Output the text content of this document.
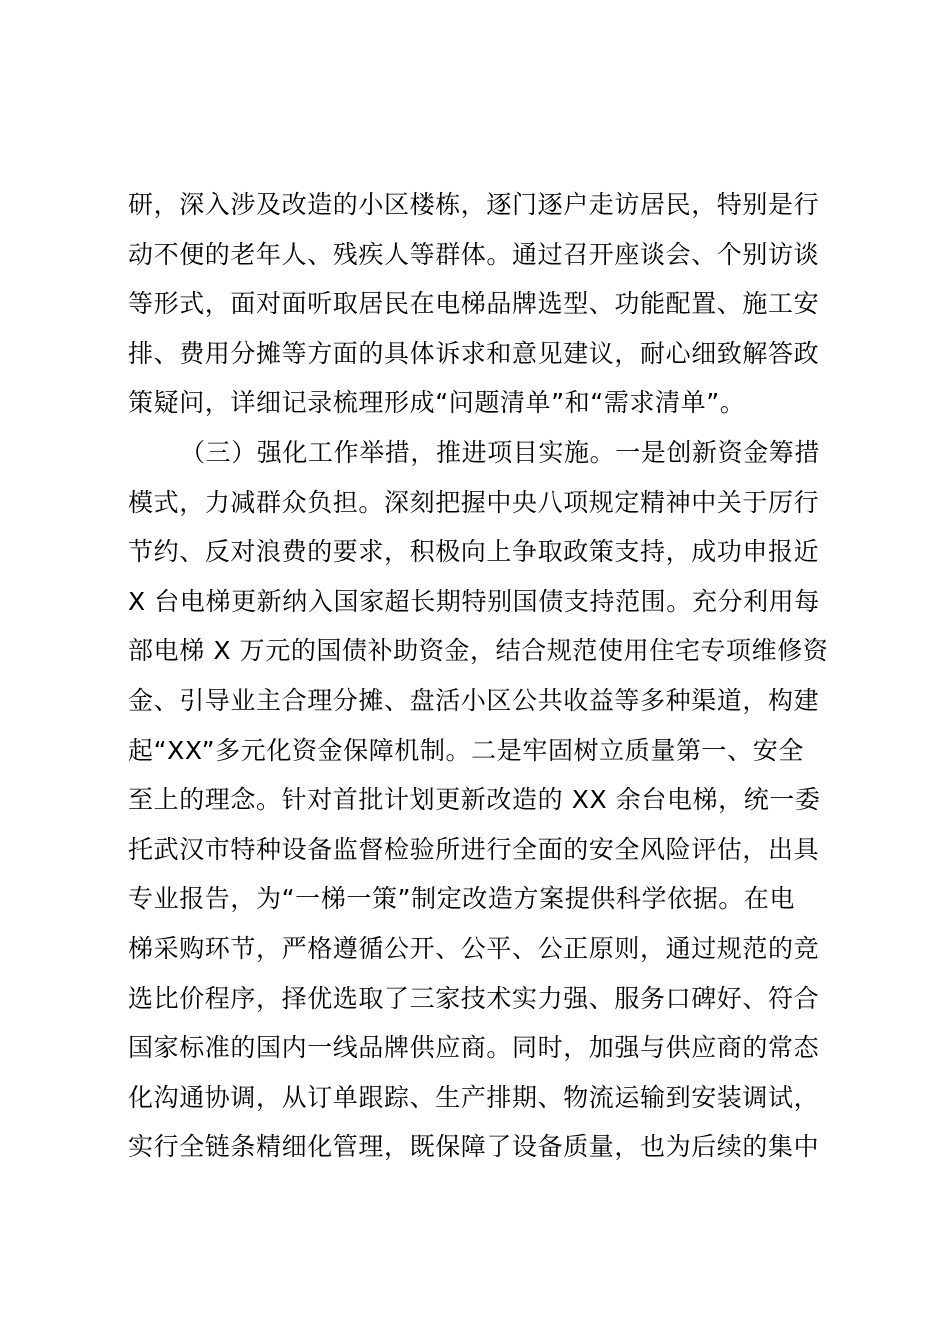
研，深入涉及改造的小区楼栋，逐门逐户走访居民，特别是行
动不便的老年人、残疾人等群体。通过召开座谈会、个别访谈
等形式，面对面听取居民在电梯品牌选型、功能配置、施工安
排、费用分摊等方面的具体诉求和意见建议，耐心细致解答政
策疑问，详细记录梳理形成“问题清单”和“需求清单”。
（三）强化工作举措，推进项目实施。一是创新资金筹措
模式，力减群众负担。深刻把握中央八项规定精神中关于厉行
节约、反对浪费的要求，积极向上争取政策支持，成功申报近
X 台电梯更新纳入国家超长期特别国债支持范围。充分利用每
部电梯 X 万元的国债补助资金，结合规范使用住宅专项维修资
金、引导业主合理分摊、盘活小区公共收益等多种渠道，构建
起“XX”多元化资金保障机制。二是牢固树立质量第一、安全
至上的理念。针对首批计划更新改造的 XX 余台电梯，统一委
托武汉市特种设备监督检验所进行全面的安全风险评估，出具
专业报告，为“一梯一策”制定改造方案提供科学依据。在电
梯采购环节，严格遵循公开、公平、公正原则，通过规范的竞
选比价程序，择优选取了三家技术实力强、服务口碑好、符合
国家标准的国内一线品牌供应商。同时，加强与供应商的常态
化沟通协调，从订单跟踪、生产排期、物流运输到安装调试，
实行全链条精细化管理，既保障了设备质量，也为后续的集中
